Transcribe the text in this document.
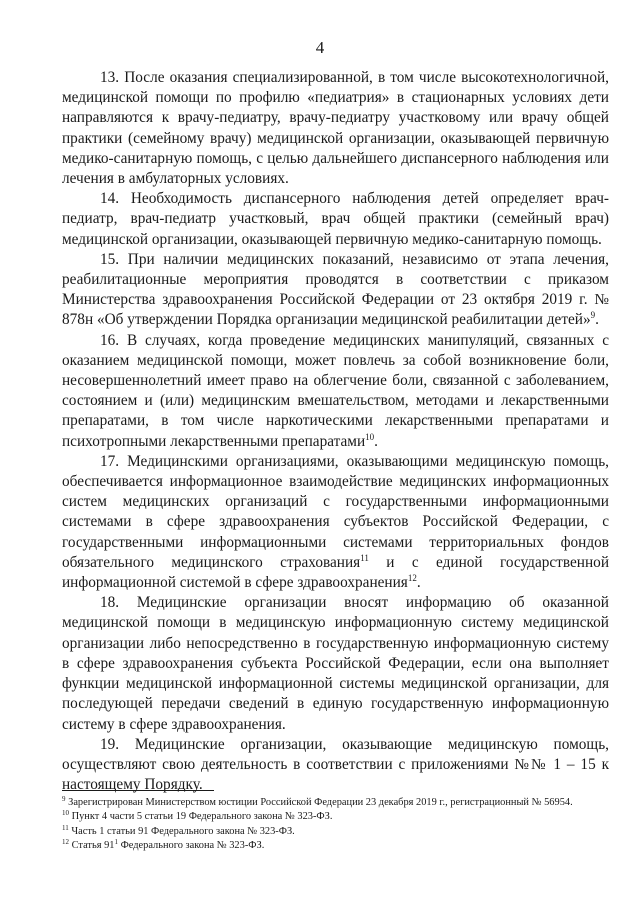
4

13. После оказания специализированной, в том числе высокотехнологичной, медицинской помощи по профилю «педиатрия» в стационарных условиях дети направляются к врачу-педиатру, врачу-педиатру участковому или врачу общей практики (семейному врачу) медицинской организации, оказывающей первичную медико-санитарную помощь, с целью дальнейшего диспансерного наблюдения или лечения в амбулаторных условиях.

14. Необходимость диспансерного наблюдения детей определяет врач-педиатр, врач-педиатр участковый, врач общей практики (семейный врач) медицинской организации, оказывающей первичную медико-санитарную помощь.

15. При наличии медицинских показаний, независимо от этапа лечения, реабилитационные мероприятия проводятся в соответствии с приказом Министерства здравоохранения Российской Федерации от 23 октября 2019 г. № 878н «Об утверждении Порядка организации медицинской реабилитации детей»$^9$.

16. В случаях, когда проведение медицинских манипуляций, связанных с оказанием медицинской помощи, может повлечь за собой возникновение боли, несовершеннолетний имеет право на облегчение боли, связанной с заболеванием, состоянием и (или) медицинским вмешательством, методами и лекарственными препаратами, в том числе наркотическими лекарственными препаратами и психотропными лекарственными препаратами$^{10}$.

17. Медицинскими организациями, оказывающими медицинскую помощь, обеспечивается информационное взаимодействие медицинских информационных систем медицинских организаций с государственными информационными системами в сфере здравоохранения субъектов Российской Федерации, с государственными информационными системами территориальных фондов обязательного медицинского страхования$^{11}$ и с единой государственной информационной системой в сфере здравоохранения$^{12}$.

18. Медицинские организации вносят информацию об оказанной медицинской помощи в медицинскую информационную систему медицинской организации либо непосредственно в государственную информационную систему в сфере здравоохранения субъекта Российской Федерации, если она выполняет функции медицинской информационной системы медицинской организации, для последующей передачи сведений в единую государственную информационную систему в сфере здравоохранения.

19. Медицинские организации, оказывающие медицинскую помощь, осуществляют свою деятельность в соответствии с приложениями №№ 1 – 15 к настоящему Порядку.

$^9$ Зарегистрирован Министерством юстиции Российской Федерации 23 декабря 2019 г., регистрационный № 56954.
$^{10}$ Пункт 4 части 5 статьи 19 Федерального закона № 323-ФЗ.
$^{11}$ Часть 1 статьи 91 Федерального закона № 323-ФЗ.
$^{12}$ Статья $91^1$ Федерального закона № 323-ФЗ.
